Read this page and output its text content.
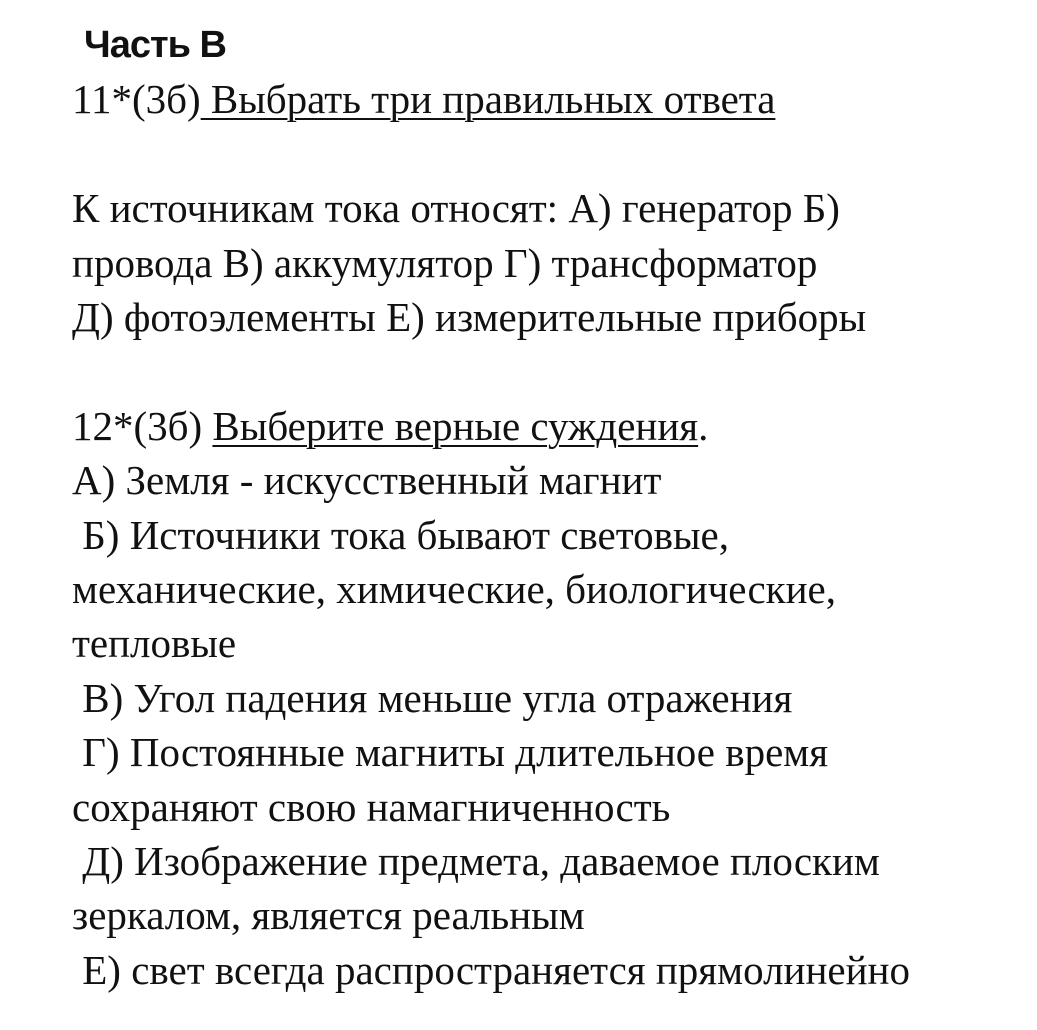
Часть В
11*(3б) Выбрать три правильных ответа
К источникам тока относят: А) генератор Б)
провода В) аккумулятор Г) трансформатор
Д) фотоэлементы Е) измерительные приборы
12*(3б) Выберите верные суждения.
А) Земля - искусственный магнит
Б) Источники тока бывают световые,
механические, химические, биологические,
тепловые
В) Угол падения меньше угла отражения
Г) Постоянные магниты длительное время
сохраняют свою намагниченность
Д) Изображение предмета, даваемое плоским
зеркалом, является реальным
Е) свет всегда распространяется прямолинейно
